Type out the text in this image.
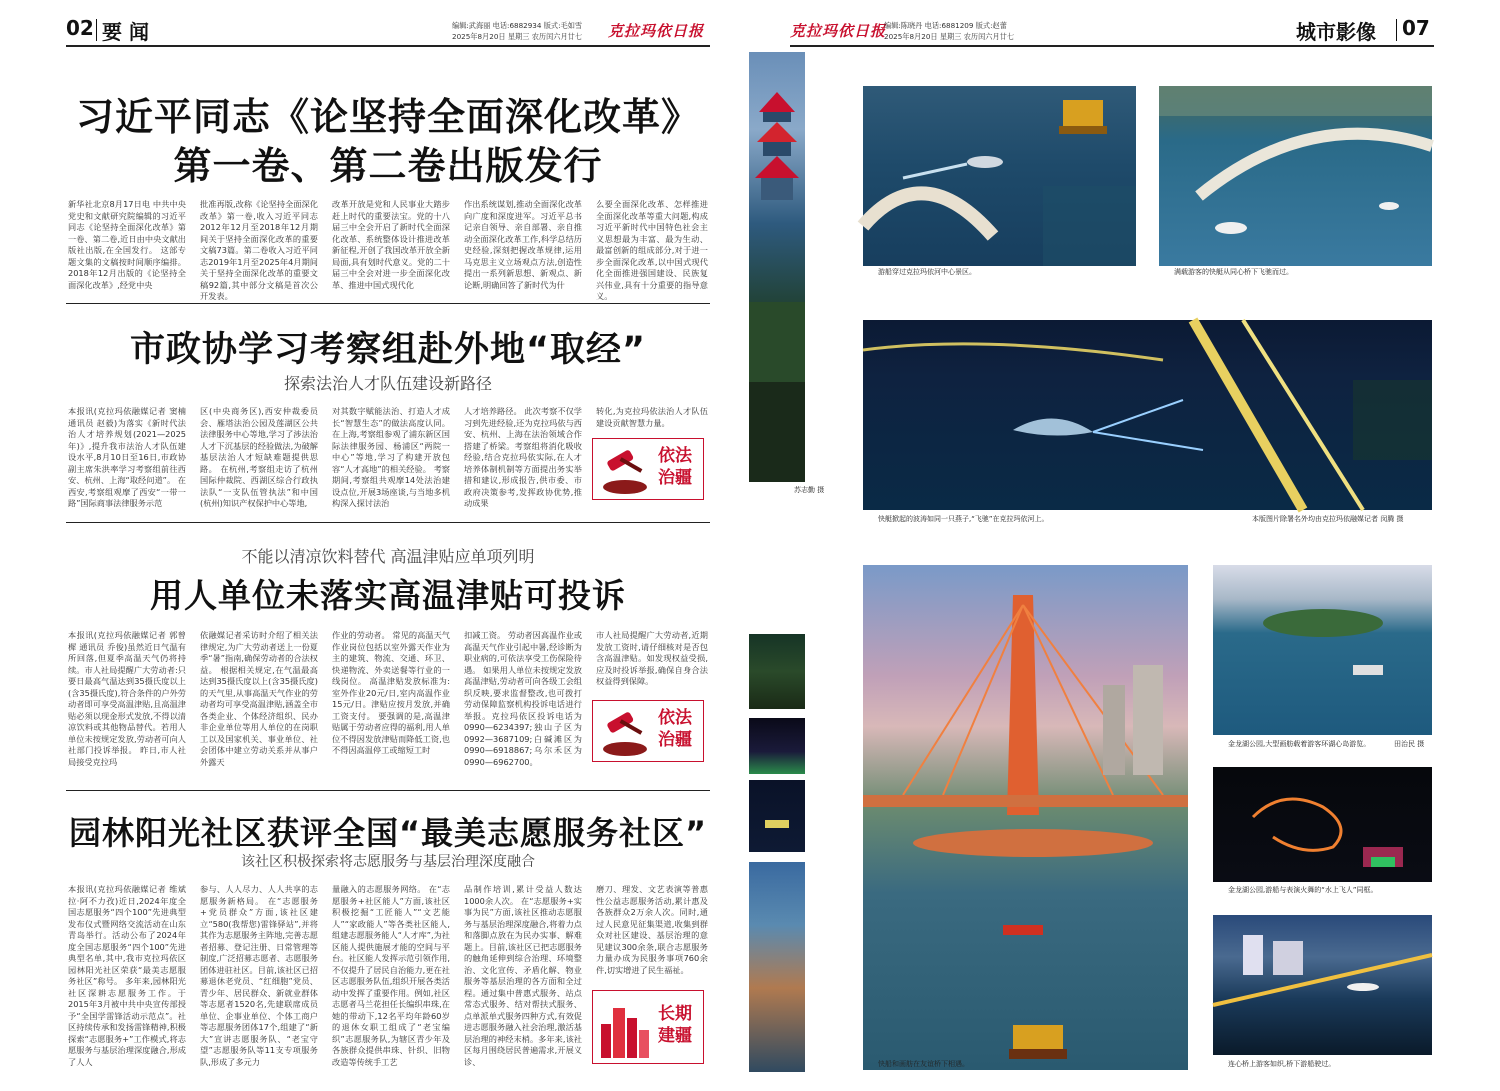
02 要 闻	编辑:武海丽 电话:6882934 版式:毛如雪
2025年8月20日 星期三 农历闰六月廿七 克拉玛依日报
习近平同志《论坚持全面深化改革》
第一卷、第二卷出版发行
新华社北京8月17日电 中共中央党史和文献研究院编辑的习近平同志《论坚持全面深化改革》第一卷、第二卷,近日由中央文献出版社出版,在全国发行。 这部专题文集的文稿按时间顺序编排。2018年12月出版的《论坚持全面深化改革》,经党中央
批准再版,改称《论坚持全面深化改革》第一卷,收入习近平同志2012年12月至2018年12月期间关于坚持全面深化改革的重要文稿73篇。第二卷收入习近平同志2019年1月至2025年4月期间关于坚持全面深化改革的重要文稿92篇,其中部分文稿是首次公开发表。
改革开放是党和人民事业大踏步赶上时代的重要法宝。党的十八届三中全会开启了新时代全面深化改革、系统整体设计推进改革新征程,开创了我国改革开放全新局面,具有划时代意义。党的二十届三中全会对进一步全面深化改革、推进中国式现代化
作出系统谋划,推动全面深化改革向广度和深度进军。习近平总书记亲自领导、亲自部署、亲自推动全面深化改革工作,科学总结历史经验,深刻把握改革规律,运用马克思主义立场观点方法,创造性提出一系列新思想、新观点、新论断,明确回答了新时代为什
么要全面深化改革、怎样推进全面深化改革等重大问题,构成习近平新时代中国特色社会主义思想最为丰富、最为生动、最富创新的组成部分,对于进一步全面深化改革,以中国式现代化全面推进强国建设、民族复兴伟业,具有十分重要的指导意义。
市政协学习考察组赴外地“取经”
探索法治人才队伍建设新路径
本报讯(克拉玛依融媒记者 窦楠 通讯员 赵毅)为落实《新时代法治人才培养规划(2021—2025年)》,提升我市法治人才队伍建设水平,8月10日至16日,市政协副主席朱洪率学习考察组前往西安、杭州、上海“取经问道”。 在西安,考察组观摩了西安“一带一路”国际商事法律服务示范
区(中央商务区),西安仲裁委员会、雁塔法治公园及莲湖区公共法律服务中心等地,学习了涉法治人才下沉基层的经验做法,为破解基层法治人才短缺难题提供思路。 在杭州,考察组走访了杭州国际仲裁院、西湖区综合行政执法队“一支队伍管执法”和中国(杭州)知识产权保护中心等地,
对其数字赋能法治、打造人才成长“智慧生态”的做法高度认同。 在上海,考察组参观了浦东新区国际法律服务园、杨浦区“两院一中心”等地,学习了构建开放包容“人才高地”的相关经验。 考察期间,考察组共观摩14处法治建设点位,开展3场座谈,与当地多机构深入探讨法治
人才培养路径。 此次考察不仅学习到先进经验,还为克拉玛依与西安、杭州、上海在法治领域合作搭建了桥梁。考察组将消化吸收经验,结合克拉玛依实际,在人才培养体制机制等方面提出务实举措和建议,形成报告,供市委、市政府决策参考,发挥政协优势,推动成果
转化,为克拉玛依法治人才队伍建设贡献智慧力量。
依法治疆
不能以清凉饮料替代 高温津贴应单项列明
用人单位未落实高温津贴可投诉
本报讯(克拉玛依融媒记者 郭曾樨 通讯员 乔俊)虽然近日气温有所回落,但夏季高温天气仍将持续。市人社局提醒广大劳动者:只要日最高气温达到35摄氏度以上(含35摄氏度),符合条件的户外劳动者即可享受高温津贴,且高温津贴必须以现金形式发放,不得以清凉饮料或其他物品替代。若用人单位未按规定发放,劳动者可向人社部门投诉举报。 昨日,市人社局接受克拉玛
依融媒记者采访时介绍了相关法律规定,为广大劳动者送上一份夏季“暑”指南,确保劳动者的合法权益。 根据相关规定,在气温最高达到35摄氏度以上(含35摄氏度)的天气里,从事高温天气作业的劳动者均可享受高温津贴,涵盖全市各类企业、个体经济组织、民办非企业单位等用人单位的在岗职工以及国家机关、事业单位、社会团体中建立劳动关系并从事户外露天
作业的劳动者。 常见的高温天气作业岗位包括以室外露天作业为主的建筑、物流、交通、环卫、快递物流、外卖送餐等行业的一线岗位。 高温津贴发放标准为:室外作业20元/日,室内高温作业15元/日。津贴应按月发放,并确工资支付。 要强调的是,高温津贴属于劳动者应得的福利,用人单位不得因发放津贴而降低工资,也不得因高温停工或缩短工时
扣减工资。 劳动者因高温作业或高温天气作业引起中暑,经诊断为职业病的,可依法享受工伤保险待遇。 如果用人单位未按规定发放高温津贴,劳动者可向各级工会组织反映,要求监督整改,也可拨打劳动保障监察机构投诉电话进行举报。克拉玛依区投诉电话为0990—6234397;独山子区为0992—3687109;白碱滩区为0990—6918867;乌尔禾区为0990—6962700。
市人社局提醒广大劳动者,近期发放工资时,请仔细核对是否包含高温津贴。如发现权益受损,应及时投诉举报,确保自身合法权益得到保障。
依法治疆
园林阳光社区获评全国“最美志愿服务社区”
该社区积极探索将志愿服务与基层治理深度融合
本报讯(克拉玛依融媒记者 维斌拉·阿不力孜)近日,2024年度全国志愿服务“四个100”先进典型发布仪式暨网络交流活动在山东青岛举行。活动公布了2024年度全国志愿服务“四个100”先进典型名单,其中,我市克拉玛依区园林阳光社区荣获“最美志愿服务社区”称号。 多年来,园林阳光社区深耕志愿服务工作。于2015年3月被中共中央宣传部授予“全国学雷锋活动示范点”。社区持续传承和发扬雷锋精神,积极探索“志愿服务+”工作模式,将志愿服务与基层治理深度融合,形成了人人
参与、人人尽力、人人共享的志愿服务新格局。 在“志愿服务+党员群众”方面,该社区建立“580(我帮您)雷锋驿站”,并将其作为志愿服务主阵地,完善志愿者招募、登记注册、日常管理等制度,广泛招募志愿者、志愿服务团体进驻社区。目前,该社区已招募退休老党员、“红细胞”党员、青少年、居民群众、新就业群体等志愿者1520名,先建联席成员单位、企事业单位、个体工商户等志愿服务团体17个,组建了“新大”宣讲志愿服务队、“老宝守望”志愿服务队等11支专项服务队,形成了多元力
量融入的志愿服务网络。 在“志愿服务+社区能人”方面,该社区积极挖掘“工匠能人”“文艺能人”“家政能人”等各类社区能人,组建志愿服务能人“人才库”,为社区能人提供施展才能的空间与平台。社区能人发挥示范引领作用,不仅提升了居民自治能力,更在社区志愿服务队伍,组织开展各类活动中发挥了重要作用。例如,社区志愿者马兰花担任长编织串珠,在她的带动下,12名平均年龄60岁的退休女职工组成了“老宝编织”志愿服务队,为辖区青少年及各族群众提供串珠、针织、旧物改造等传统手工艺
品制作培训,累计受益人数达1000余人次。 在“志愿服务+实事为民”方面,该社区推动志愿服务与基层治理深度融合,将着力点和落脚点放在为民办实事、解难题上。目前,该社区已把志愿服务的触角延伸到综合治理、环境整治、文化宣传、矛盾化解、物业服务等基层治理的各方面和全过程。通过集中普惠式服务、站点常态式服务、结对帮扶式服务、点单派单式服务四种方式,有效促进志愿服务融入社会治理,激活基层治理的神经末梢。多年来,该社区每月围绕居民普遍需求,开展义诊、
磨刀、理发、文艺表演等普惠性公益志愿服务活动,累计惠及各族群众2万余人次。同时,通过人民意见征集渠道,收集到群众对社区建设、基层治理的意见建议300余条,联合志愿服务力量办成为民服务事项760余件,切实增进了民生福祉。
长期建疆
克拉玛依日报
编辑:陈晓丹 电话:6881209 版式:赵蕾
2025年8月20日 星期三 农历闰六月廿七	城市影像 07
苏志勤 摄
游船穿过克拉玛依河中心景区。	满载游客的快艇从同心桥下飞驰而过。
快艇掀起的波涛如同一只燕子,“飞驰”在克拉玛依河上。	本版图片除署名外均由克拉玛依融媒记者 闵腾 摄
金龙湖公园,大型画舫载着游客环湖心岛游览。	田治民 摄
金龙湖公园,游船与表演火舞的“水上飞人”同框。
连心桥上游客如织,桥下游船驶过。
快船和画舫在友谊桥下相遇。
